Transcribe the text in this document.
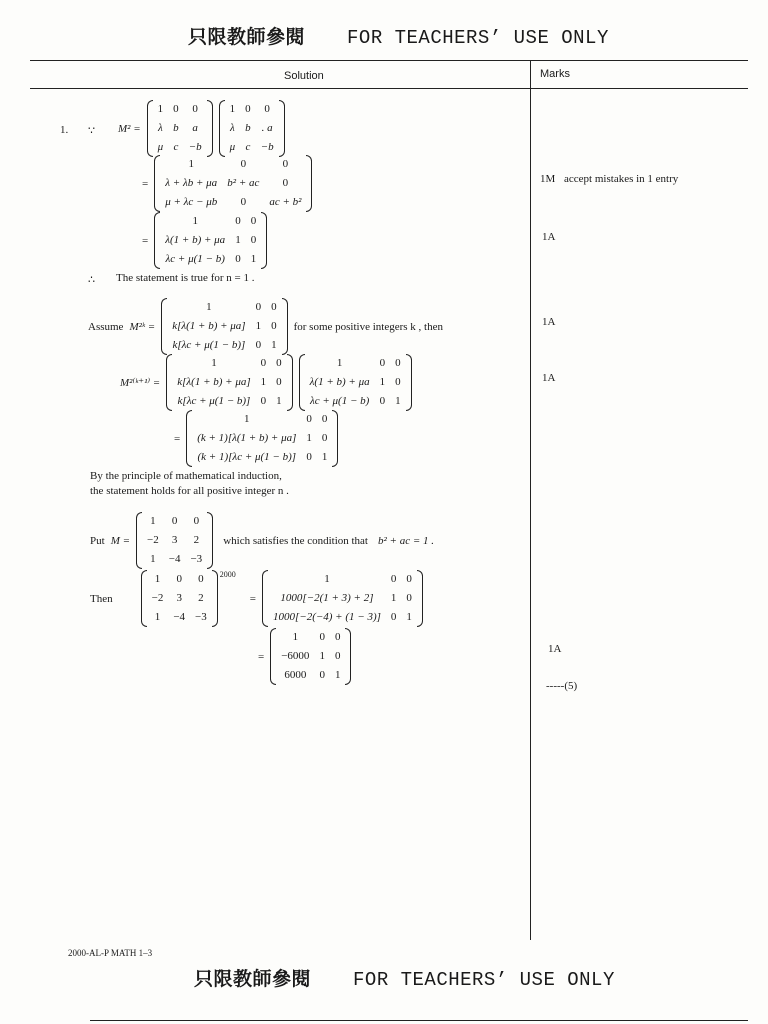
只限教師參閱 FOR TEACHERS’ USE ONLY
Solution	Marks
1. ∵ M² =
1	0	0
λ	b	a
μ	c	−b
1	0	0
λ	b	. a
μ	c	−b
=
1	0	0
λ + λb + μa	b² + ac	0
μ + λc − μb	0	ac + b²
=
1	0	0
λ(1 + b) + μa	1	0
λc + μ(1 − b)	0	1
∴ The statement is true for n = 1 .
Assume M²ᵏ =
1	0	0
k[λ(1 + b) + μa]	1	0
k[λc + μ(1 − b)]	0	1
for some positive integers k , then
M²⁽ᵏ⁺¹⁾ =
1	0	0
k[λ(1 + b) + μa]	1	0
k[λc + μ(1 − b)]	0	1
1	0	0
λ(1 + b) + μa	1	0
λc + μ(1 − b)	0	1
=
1	0	0
(k + 1)[λ(1 + b) + μa]	1	0
(k + 1)[λc + μ(1 − b)]	0	1
By the principle of mathematical induction,
the statement holds for all positive integer n .
Put M =
1	0	0
−2	3	2
1	−4	−3
which satisfies the condition that b² + ac = 1 .
Then
1	0	0
−2	3	2
1	−4	−3
2000
=
1	0	0
1000[−2(1 + 3) + 2]	1	0
1000[−2(−4) + (1 − 3)]	0	1
=
1	0	0
−6000	1	0
6000	0	1
1M accept mistakes in 1 entry
1A
1A
1A
1A
-----(5)
2000-AL-P MATH 1–3
只限教師參閱 FOR TEACHERS’ USE ONLY
